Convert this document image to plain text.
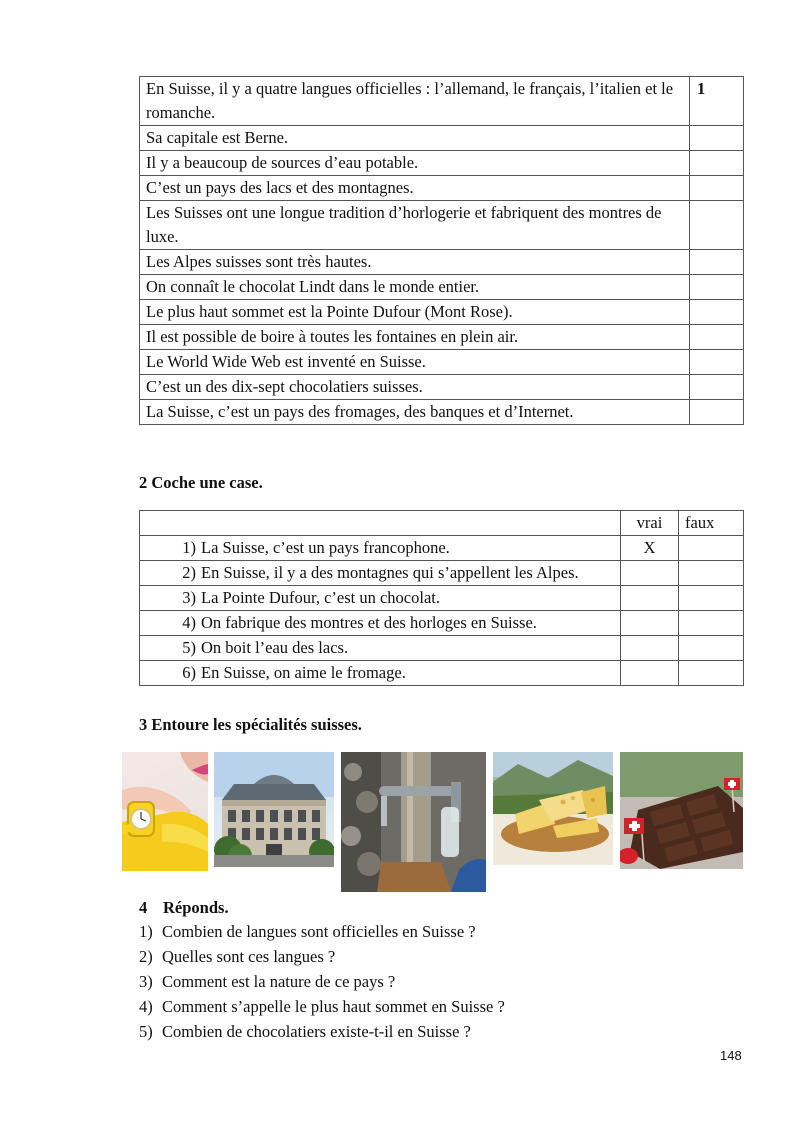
En Suisse, il y a quatre langues officielles : l’allemand, le français, l’italien et le romanche.	1
Sa capitale est Berne.	
Il y a beaucoup de sources d’eau potable.	
C’est un pays des lacs et des montagnes.	
Les Suisses ont une longue tradition d’horlogerie et fabriquent des montres de luxe.	
Les Alpes suisses sont très hautes.	
On connaît le chocolat Lindt dans le monde entier.	
Le plus haut sommet est la Pointe Dufour (Mont Rose).	
Il est possible de boire à toutes les fontaines en plein air.	
Le World Wide Web est inventé en Suisse.	
C’est un des dix-sept chocolatiers suisses.	
La Suisse, c’est un pays des fromages, des banques et d’Internet.	
2 Coche une case.
	vrai	faux

1) La Suisse, c’est un pays francophone.	X	

2) En Suisse, il y a des montagnes qui s’appellent les Alpes.		

3) La Pointe Dufour, c’est un chocolat.		

4) On fabrique des montres et des horloges en Suisse.		

5) On boit l’eau des lacs.		

6) En Suisse, on aime le fromage.		

3 Entoure les spécialités suisses.
4 Réponds.
1) Combien de langues sont officielles en Suisse ?
2) Quelles sont ces langues ?
3) Comment est la nature de ce pays ?
4) Comment s’appelle le plus haut sommet en Suisse ?
5) Combien de chocolatiers existe-t-il en Suisse ?
148
